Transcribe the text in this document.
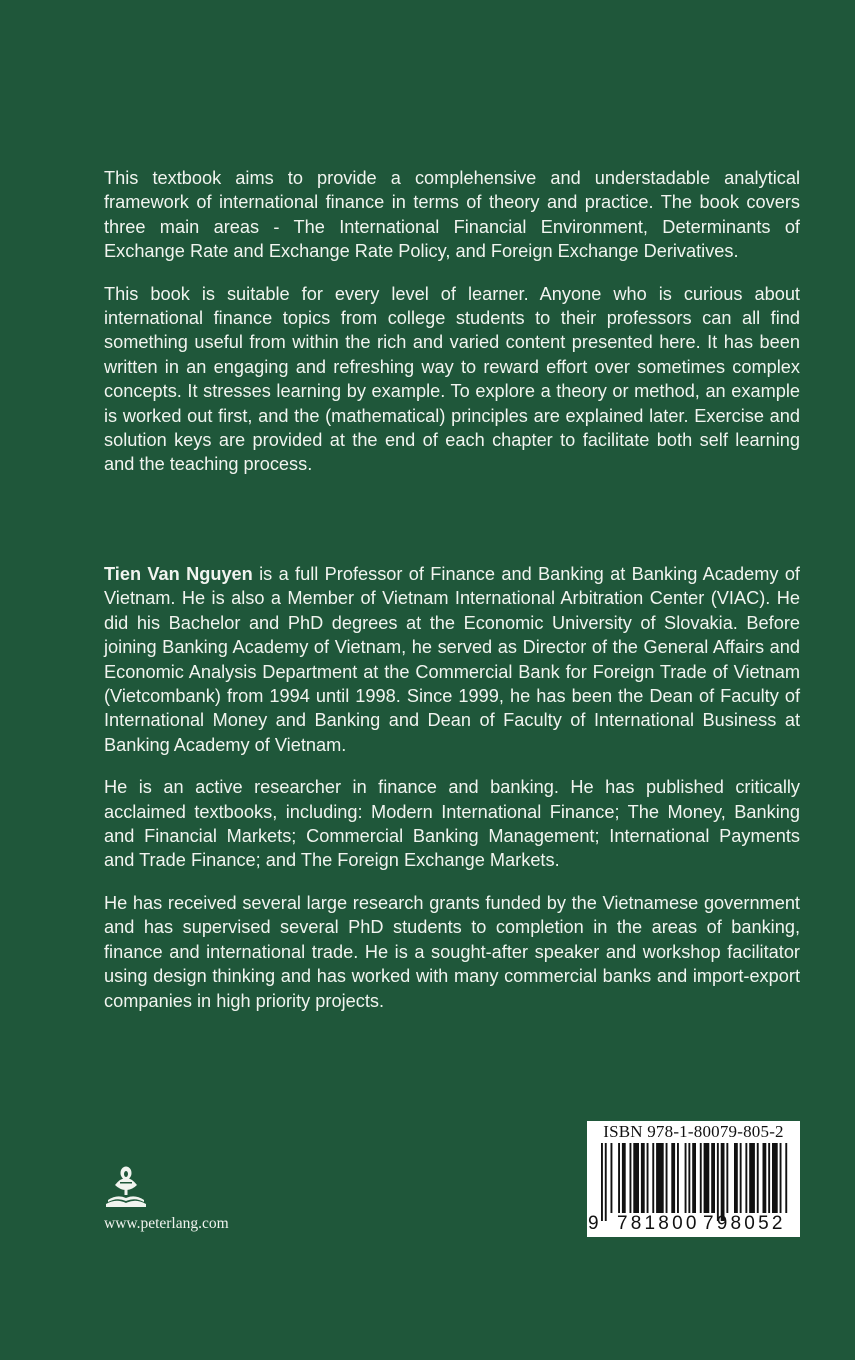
This textbook aims to provide a complehensive and understadable analytical framework of international finance in terms of theory and practice. The book covers three main areas - The International Financial Environment, Determinants of Exchange Rate and Exchange Rate Policy, and Foreign Exchange Derivatives.

This book is suitable for every level of learner. Anyone who is curious about international finance topics from college students to their professors can all find something useful from within the rich and varied content presented here. It has been written in an engaging and refreshing way to reward effort over sometimes complex concepts. It stresses learning by example. To explore a theory or method, an example is worked out first, and the (mathematical) principles are explained later. Exercise and solution keys are provided at the end of each chapter to facilitate both self learning and the teaching process.

Tien Van Nguyen is a full Professor of Finance and Banking at Banking Academy of Vietnam. He is also a Member of Vietnam International Arbitration Center (VIAC). He did his Bachelor and PhD degrees at the Economic University of Slovakia. Before joining Banking Academy of Vietnam, he served as Director of the General Affairs and Economic Analysis Department at the Commercial Bank for Foreign Trade of Vietnam (Vietcombank) from 1994 until 1998. Since 1999, he has been the Dean of Faculty of International Money and Banking and Dean of Faculty of International Business at Banking Academy of Vietnam.

He is an active researcher in finance and banking. He has published critically acclaimed textbooks, including: Modern International Finance; The Money, Banking and Financial Markets; Commercial Banking Management; International Payments and Trade Finance; and The Foreign Exchange Markets.

He has received several large research grants funded by the Vietnamese government and has supervised several PhD students to completion in the areas of banking, finance and international trade. He is a sought-after speaker and workshop facilitator using design thinking and has worked with many commercial banks and import-export companies in high priority projects.

www.peterlang.com
ISBN 978-1-80079-805-2
9 781800 798052
